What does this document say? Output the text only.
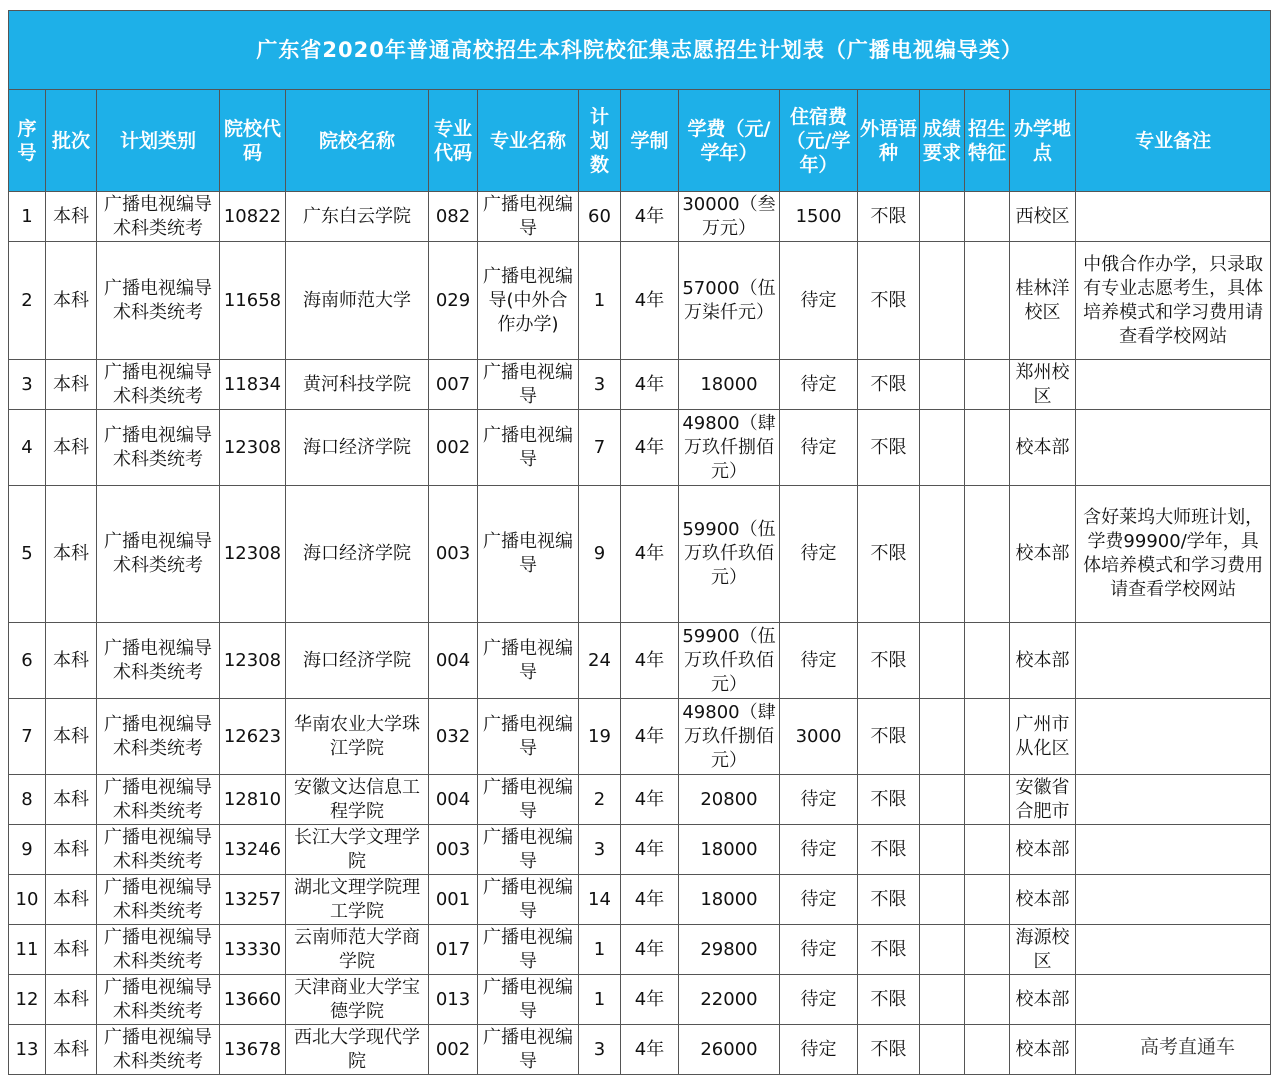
广东省2020年普通高校招生本科院校征集志愿招生计划表（广播电视编导类）															
序号	批次	计划类别	院校代码	院校名称	专业代码	专业名称	计划数	学制	学费（元/学年）	住宿费（元/学年）	外语语种	成绩要求	招生特征	办学地点	专业备注
1	本科	广播电视编导术科类统考	10822	广东白云学院	082	广播电视编导	60	4年	30000（叁万元）	1500	不限			西校区	
2	本科	广播电视编导术科类统考	11658	海南师范大学	029	广播电视编导(中外合作办学)	1	4年	57000（伍万柒仟元）	待定	不限			桂林洋校区	中俄合作办学，只录取有专业志愿考生，具体培养模式和学习费用请查看学校网站
3	本科	广播电视编导术科类统考	11834	黄河科技学院	007	广播电视编导	3	4年	18000	待定	不限			郑州校区	
4	本科	广播电视编导术科类统考	12308	海口经济学院	002	广播电视编导	7	4年	49800（肆万玖仟捌佰元）	待定	不限			校本部	
5	本科	广播电视编导术科类统考	12308	海口经济学院	003	广播电视编导	9	4年	59900（伍万玖仟玖佰元）	待定	不限			校本部	含好莱坞大师班计划，学费99900/学年，具体培养模式和学习费用请查看学校网站
6	本科	广播电视编导术科类统考	12308	海口经济学院	004	广播电视编导	24	4年	59900（伍万玖仟玖佰元）	待定	不限			校本部	
7	本科	广播电视编导术科类统考	12623	华南农业大学珠江学院	032	广播电视编导	19	4年	49800（肆万玖仟捌佰元）	3000	不限			广州市从化区	
8	本科	广播电视编导术科类统考	12810	安徽文达信息工程学院	004	广播电视编导	2	4年	20800	待定	不限			安徽省合肥市	
9	本科	广播电视编导术科类统考	13246	长江大学文理学院	003	广播电视编导	3	4年	18000	待定	不限			校本部	
10	本科	广播电视编导术科类统考	13257	湖北文理学院理工学院	001	广播电视编导	14	4年	18000	待定	不限			校本部	
11	本科	广播电视编导术科类统考	13330	云南师范大学商学院	017	广播电视编导	1	4年	29800	待定	不限			海源校区	
12	本科	广播电视编导术科类统考	13660	天津商业大学宝德学院	013	广播电视编导	1	4年	22000	待定	不限			校本部	
13	本科	广播电视编导术科类统考	13678	西北大学现代学院	002	广播电视编导	3	4年	26000	待定	不限			校本部		高考直通车
